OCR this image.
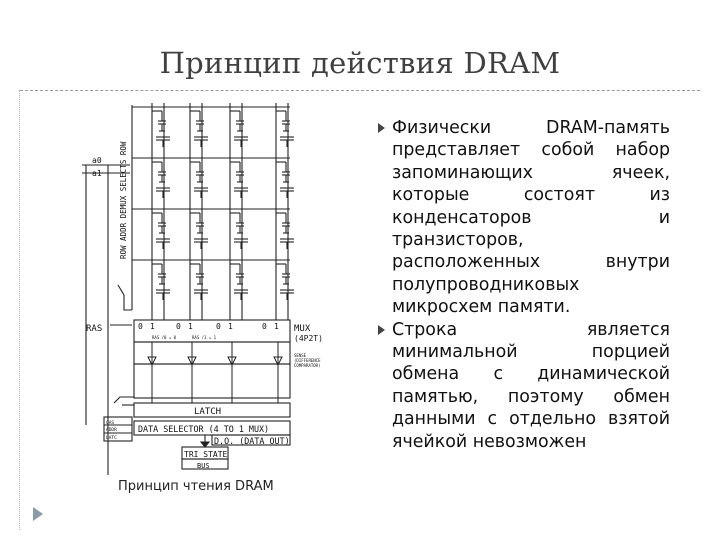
Принцип действия DRAM
ROW ADDR DEMUX SELECTS ROW
a0
a1
RAS	MUX
(4P2T)
SENSE
(DIFFERENCE
COMPARATOR)
RAS /0 = 0	RAS /1 = 1
0 1	0 1	0 1	0 1
LATCH
CAS
ADDR
LATC
DATA SELECTOR (4 TO 1 MUX)
D.O. (DATA OUT)
TRI STATE
BUS
Принцип чтения DRAM
Физически DRAM-память представляет собой набор запоминающих ячеек, которые состоят из конденсаторов и транзисторов, расположенных внутри полупроводниковых микросхем памяти.
Строка является минимальной порцией обмена с динамической памятью, поэтому обмен данными с отдельно взятой ячейкой невозможен
